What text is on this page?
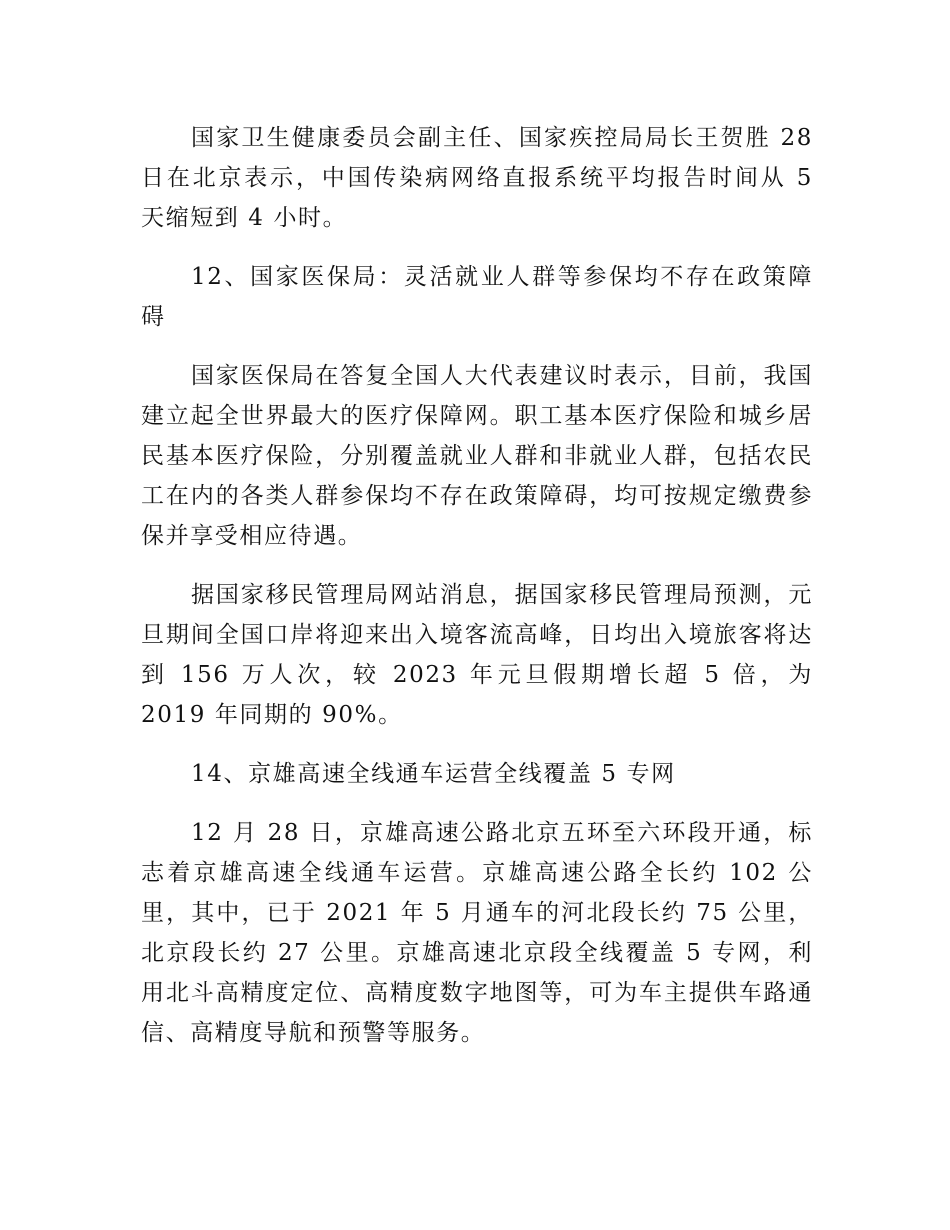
国家卫生健康委员会副主任、国家疾控局局长王贺胜 28 日在北京表示，中国传染病网络直报系统平均报告时间从 5 天缩短到 4 小时。

12、国家医保局：灵活就业人群等参保均不存在政策障碍

国家医保局在答复全国人大代表建议时表示，目前，我国建立起全世界最大的医疗保障网。职工基本医疗保险和城乡居民基本医疗保险，分别覆盖就业人群和非就业人群，包括农民工在内的各类人群参保均不存在政策障碍，均可按规定缴费参保并享受相应待遇。

据国家移民管理局网站消息，据国家移民管理局预测，元旦期间全国口岸将迎来出入境客流高峰，日均出入境旅客将达到 156 万人次，较 2023 年元旦假期增长超 5 倍，为 2019 年同期的 90%。

14、京雄高速全线通车运营全线覆盖 5 专网

12 月 28 日，京雄高速公路北京五环至六环段开通，标志着京雄高速全线通车运营。京雄高速公路全长约 102 公里，其中，已于 2021 年 5 月通车的河北段长约 75 公里，北京段长约 27 公里。京雄高速北京段全线覆盖 5 专网，利用北斗高精度定位、高精度数字地图等，可为车主提供车路通信、高精度导航和预警等服务。
